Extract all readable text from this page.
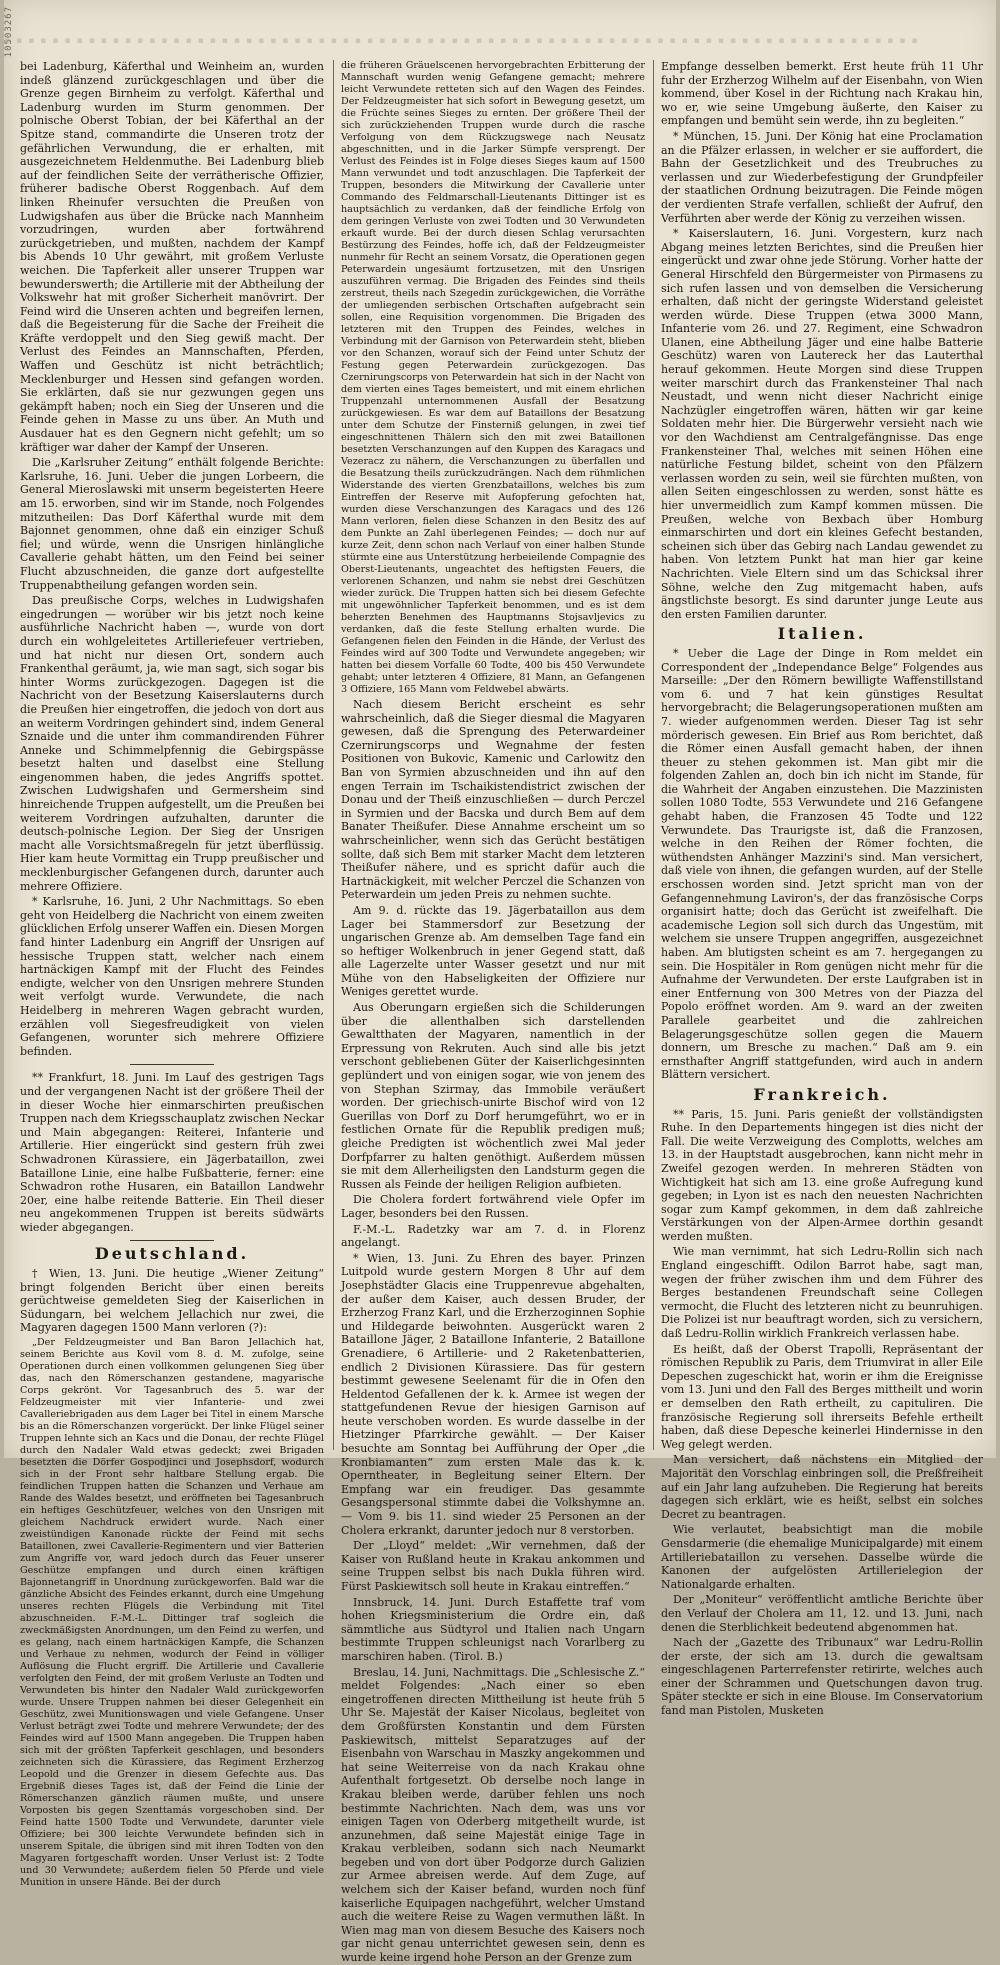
10503267
▪▪▪▪▪▪▪▪▪▪▪▪▪▪▪▪▪▪▪▪▪▪▪▪▪▪▪▪▪▪▪▪▪▪▪▪▪▪▪▪▪▪▪▪▪▪▪▪▪▪▪▪▪▪▪▪▪▪▪▪▪▪▪▪▪▪▪▪▪▪▪▪▪▪▪▪

bei Ladenburg, Käferthal und Weinheim an, wurden indeß glänzend zurückgeschlagen und über die Grenze gegen Birnheim zu verfolgt. Käferthal und Ladenburg wurden im Sturm genommen. Der polnische Oberst Tobian, der bei Käferthal an der Spitze stand, commandirte die Unseren trotz der gefährlichen Verwundung, die er erhalten, mit ausgezeichnetem Heldenmuthe. Bei Ladenburg blieb auf der feindlichen Seite der verrätherische Offizier, früherer badische Oberst Roggenbach. Auf dem linken Rheinufer versuchten die Preußen von Ludwigshafen aus über die Brücke nach Mannheim vorzudringen, wurden aber fortwährend zurückgetrieben, und mußten, nachdem der Kampf bis Abends 10 Uhr gewährt, mit großem Verluste weichen. Die Tapferkeit aller unserer Truppen war bewunderswerth; die Artillerie mit der Abtheilung der Volkswehr hat mit großer Sicherheit manövrirt. Der Feind wird die Unseren achten und begreifen lernen, daß die Begeisterung für die Sache der Freiheit die Kräfte verdoppelt und den Sieg gewiß macht. Der Verlust des Feindes an Mannschaften, Pferden, Waffen und Geschütz ist nicht beträchtlich; Mecklenburger und Hessen sind gefangen worden. Sie erklärten, daß sie nur gezwungen gegen uns gekämpft haben; noch ein Sieg der Unseren und die Feinde gehen in Masse zu uns über. An Muth und Ausdauer hat es den Gegnern nicht gefehlt; um so kräftiger war daher der Kampf der Unseren.

Die „Karlsruher Zeitung“ enthält folgende Berichte: Karlsruhe, 16. Juni. Ueber die jungen Lorbeern, die General Mieroslawski mit unserm begeisterten Heere am 15. erworben, sind wir im Stande, noch Folgendes mitzutheilen: Das Dorf Käferthal wurde mit dem Bajonnet genommen, ohne daß ein einziger Schuß fiel; und würde, wenn die Unsrigen hinlängliche Cavallerie gehabt hätten, um den Feind bei seiner Flucht abzuschneiden, die ganze dort aufgestellte Truppenabtheilung gefangen worden sein.

Das preußische Corps, welches in Ludwigshafen eingedrungen — worüber wir bis jetzt noch keine ausführliche Nachricht haben —, wurde von dort durch ein wohlgeleitetes Artilleriefeuer vertrieben, und hat nicht nur diesen Ort, sondern auch Frankenthal geräumt, ja, wie man sagt, sich sogar bis hinter Worms zurückgezogen. Dagegen ist die Nachricht von der Besetzung Kaiserslauterns durch die Preußen hier eingetroffen, die jedoch von dort aus an weiterm Vordringen gehindert sind, indem General Sznaide und die unter ihm commandirenden Führer Anneke und Schimmelpfennig die Gebirgspässe besetzt halten und daselbst eine Stellung eingenommen haben, die jedes Angriffs spottet. Zwischen Ludwigshafen und Germersheim sind hinreichende Truppen aufgestellt, um die Preußen bei weiterem Vordringen aufzuhalten, darunter die deutsch-polnische Legion. Der Sieg der Unsrigen macht alle Vorsichtsmaßregeln für jetzt überflüssig. Hier kam heute Vormittag ein Trupp preußischer und mecklenburgischer Gefangenen durch, darunter auch mehrere Offiziere.

* Karlsruhe, 16. Juni, 2 Uhr Nachmittags. So eben geht von Heidelberg die Nachricht von einem zweiten glücklichen Erfolg unserer Waffen ein. Diesen Morgen fand hinter Ladenburg ein Angriff der Unsrigen auf hessische Truppen statt, welcher nach einem hartnäckigen Kampf mit der Flucht des Feindes endigte, welcher von den Unsrigen mehrere Stunden weit verfolgt wurde. Verwundete, die nach Heidelberg in mehreren Wagen gebracht wurden, erzählen voll Siegesfreudigkeit von vielen Gefangenen, worunter sich mehrere Offiziere befinden.

** Frankfurt, 18. Juni. Im Lauf des gestrigen Tags und der vergangenen Nacht ist der größere Theil der in dieser Woche hier einmarschirten preußischen Truppen nach dem Kriegsschauplatz zwischen Neckar und Main abgegangen: Reiterei, Infanterie und Artillerie. Hier eingerückt sind gestern früh zwei Schwadronen Kürassiere, ein Jägerbataillon, zwei Bataillone Linie, eine halbe Fußbatterie, ferner: eine Schwadron rothe Husaren, ein Bataillon Landwehr 20er, eine halbe reitende Batterie. Ein Theil dieser neu angekommenen Truppen ist bereits südwärts wieder abgegangen.

Deutschland.

† Wien, 13. Juni. Die heutige „Wiener Zeitung“ bringt folgenden Bericht über einen bereits gerüchtweise gemeldeten Sieg der Kaiserlichen in Südungarn, bei welchem Jellachich nur zwei, die Magyaren dagegen 1500 Mann verloren (?):

„Der Feldzeugmeister und Ban Baron Jellachich hat, seinem Berichte aus Kovil vom 8. d. M. zufolge, seine Operationen durch einen vollkommen gelungenen Sieg über das, nach den Römerschanzen gestandene, magyarische Corps gekrönt. Vor Tagesanbruch des 5. war der Feldzeugmeister mit vier Infanterie- und zwei Cavalleriebrigaden aus dem Lager bei Titel in einem Marsche bis an die Römerschanzen vorgerückt. Der linke Flügel seiner Truppen lehnte sich an Kacs und die Donau, der rechte Flügel durch den Nadaler Wald etwas gedeckt; zwei Brigaden besetzten die Dörfer Gospodjinci und Josephsdorf, wodurch sich in der Front sehr haltbare Stellung ergab. Die feindlichen Truppen hatten die Schanzen und Verhaue am Rande des Waldes besetzt, und eröffneten bei Tagesanbruch ein heftiges Geschützfeuer, welches von den Unsrigen mit gleichem Nachdruck erwidert wurde. Nach einer zweistündigen Kanonade rückte der Feind mit sechs Bataillonen, zwei Cavallerie-Regimentern und vier Batterien zum Angriffe vor, ward jedoch durch das Feuer unserer Geschütze empfangen und durch einen kräftigen Bajonnetangriff in Unordnung zurückgeworfen. Bald war die gänzliche Absicht des Feindes erkannt, durch eine Umgehung unseres rechten Flügels die Verbindung mit Titel abzuschneiden. F.-M.-L. Dittinger traf sogleich die zweckmäßigsten Anordnungen, um den Feind zu werfen, und es gelang, nach einem hartnäckigen Kampfe, die Schanzen und Verhaue zu nehmen, wodurch der Feind in völliger Auflösung die Flucht ergriff. Die Artillerie und Cavallerie verfolgten den Feind, der mit großem Verluste an Todten und Verwundeten bis hinter den Nadaler Wald zurückgeworfen wurde. Unsere Truppen nahmen bei dieser Gelegenheit ein Geschütz, zwei Munitionswagen und viele Gefangene. Unser Verlust beträgt zwei Todte und mehrere Verwundete; der des Feindes wird auf 1500 Mann angegeben. Die Truppen haben sich mit der größten Tapferkeit geschlagen, und besonders zeichneten sich die Kürassiere, das Regiment Erzherzog Leopold und die Grenzer in diesem Gefechte aus. Das Ergebniß dieses Tages ist, daß der Feind die Linie der Römerschanzen gänzlich räumen mußte, und unsere Vorposten bis gegen Szenttamás vorgeschoben sind. Der Feind hatte 1500 Todte und Verwundete, darunter viele Offiziere; bei 300 leichte Verwundete befinden sich in unserem Spitale, die übrigen sind mit ihren Todten von den Magyaren fortgeschafft worden. Unser Verlust ist: 2 Todte und 30 Verwundete; außerdem fielen 50 Pferde und viele Munition in unsere Hände. Bei der durch

die früheren Gräuelscenen hervorgebrachten Erbitterung der Mannschaft wurden wenig Gefangene gemacht; mehrere leicht Verwundete retteten sich auf den Wagen des Feindes. Der Feldzeugmeister hat sich sofort in Bewegung gesetzt, um die Früchte seines Sieges zu ernten. Der größere Theil der sich zurückziehenden Truppen wurde durch die rasche Verfolgung von dem Rückzugswege nach Neusatz abgeschnitten, und in die Jarker Sümpfe versprengt. Der Verlust des Feindes ist in Folge dieses Sieges kaum auf 1500 Mann verwundet und todt anzuschlagen. Die Tapferkeit der Truppen, besonders die Mitwirkung der Cavallerie unter Commando des Feldmarschall-Lieutenants Dittinger ist es hauptsächlich zu verdanken, daß der feindliche Erfolg von dem geringen Verluste von zwei Todten und 30 Verwundeten erkauft wurde. Bei der durch diesen Schlag verursachten Bestürzung des Feindes, hoffe ich, daß der Feldzeugmeister nunmehr für Recht an seinem Vorsatz, die Operationen gegen Peterwardein ungesäumt fortzusetzen, mit den Unsrigen auszuführen vermag. Die Brigaden des Feindes sind theils zerstreut, theils nach Szegedin zurückgewichen, die Vorräthe der umliegenden serbischen Ortschaften aufgebracht sein sollen, eine Requisition vorgenommen. Die Brigaden des letzteren mit den Truppen des Feindes, welches in Verbindung mit der Garnison von Peterwardein steht, blieben vor den Schanzen, worauf sich der Feind unter Schutz der Festung gegen Peterwardein zurückgezogen. Das Czernirungscorps von Peterwardein hat sich in der Nacht von dem vierten eines Tages bemeistert, und mit einem ehrlichen Truppenzahl unternommenen Ausfall der Besatzung zurückgewiesen. Es war dem auf Bataillons der Besatzung unter dem Schutze der Finsterniß gelungen, in zwei tief eingeschnittenen Thälern sich den mit zwei Bataillonen besetzten Verschanzungen auf den Kuppen des Karagacs und Vezeracz zu nähern, die Verschanzungen zu überfallen und die Besatzung theils zurückzudrängen. Nach dem rühmlichen Widerstande des vierten Grenzbataillons, welches bis zum Eintreffen der Reserve mit Aufopferung gefochten hat, wurden diese Verschanzungen des Karagacs und des 126 Mann verloren, fielen diese Schanzen in den Besitz des auf dem Punkte an Zahl überlegenen Feindes; — doch nur auf kurze Zeit, denn schon nach Verlauf von einer halben Stunde stürmte eine aus Unterstützung herbeieilende Compagnie des Oberst-Lieutenants, ungeachtet des heftigsten Feuers, die verlorenen Schanzen, und nahm sie nebst drei Geschützen wieder zurück. Die Truppen hatten sich bei diesem Gefechte mit ungewöhnlicher Tapferkeit benommen, und es ist dem beherzten Benehmen des Hauptmanns Stojsavljevics zu verdanken, daß die feste Stellung erhalten wurde. Die Gefangenen fielen den Feinden in die Hände, der Verlust des Feindes wird auf 300 Todte und Verwundete angegeben; wir hatten bei diesem Vorfalle 60 Todte, 400 bis 450 Verwundete gehabt; unter letzteren 4 Offiziere, 81 Mann, an Gefangenen 3 Offiziere, 165 Mann vom Feldwebel abwärts.

Nach diesem Bericht erscheint es sehr wahrscheinlich, daß die Sieger diesmal die Magyaren gewesen, daß die Sprengung des Peterwardeiner Czernirungscorps und Wegnahme der festen Positionen von Bukovic, Kamenic und Carlowitz den Ban von Syrmien abzuschneiden und ihn auf den engen Terrain im Tschaikistendistrict zwischen der Donau und der Theiß einzuschließen — durch Perczel in Syrmien und der Bacska und durch Bem auf dem Banater Theißufer. Diese Annahme erscheint um so wahrscheinlicher, wenn sich das Gerücht bestätigen sollte, daß sich Bem mit starker Macht dem letzteren Theißufer nähere, und es spricht dafür auch die Hartnäckigkeit, mit welcher Perczel die Schanzen von Peterwardein um jeden Preis zu nehmen suchte.

Am 9. d. rückte das 19. Jägerbataillon aus dem Lager bei Stammersdorf zur Besetzung der ungarischen Grenze ab. Am demselben Tage fand ein so heftiger Wolkenbruch in jener Gegend statt, daß alle Lagerzelte unter Wasser gesetzt und nur mit Mühe von den Habseligkeiten der Offiziere nur Weniges gerettet wurde.

Aus Oberungarn ergießen sich die Schilderungen über die allenthalben sich darstellenden Gewaltthaten der Magyaren, namentlich in der Erpressung von Rekruten. Auch sind alle bis jetzt verschont gebliebenen Güter der Kaiserlichgesinnten geplündert und von einigen sogar, wie von jenem des von Stephan Szirmay, das Immobile veräußert worden. Der griechisch-unirte Bischof wird von 12 Guerillas von Dorf zu Dorf herumgeführt, wo er in festlichen Ornate für die Republik predigen muß; gleiche Predigten ist wöchentlich zwei Mal jeder Dorfpfarrer zu halten genöthigt. Außerdem müssen sie mit dem Allerheiligsten den Landsturm gegen die Russen als Feinde der heiligen Religion aufbieten.

Die Cholera fordert fortwährend viele Opfer im Lager, besonders bei den Russen.

F.-M.-L. Radetzky war am 7. d. in Florenz angelangt.

* Wien, 13. Juni. Zu Ehren des bayer. Prinzen Luitpold wurde gestern Morgen 8 Uhr auf dem Josephstädter Glacis eine Truppenrevue abgehalten, der außer dem Kaiser, auch dessen Bruder, der Erzherzog Franz Karl, und die Erzherzoginnen Sophie und Hildegarde beiwohnten. Ausgerückt waren 2 Bataillone Jäger, 2 Bataillone Infanterie, 2 Bataillone Grenadiere, 6 Artillerie- und 2 Raketenbatterien, endlich 2 Divisionen Kürassiere. Das für gestern bestimmt gewesene Seelenamt für die in Ofen den Heldentod Gefallenen der k. k. Armee ist wegen der stattgefundenen Revue der hiesigen Garnison auf heute verschoben worden. Es wurde dasselbe in der Hietzinger Pfarrkirche gewählt. — Der Kaiser besuchte am Sonntag bei Aufführung der Oper „die Kronbiamanten“ zum ersten Male das k. k. Operntheater, in Begleitung seiner Eltern. Der Empfang war ein freudiger. Das gesammte Gesangspersonal stimmte dabei die Volkshymne an. — Vom 9. bis 11. sind wieder 25 Personen an der Cholera erkrankt, darunter jedoch nur 8 verstorben.

Der „Lloyd“ meldet: „Wir vernehmen, daß der Kaiser von Rußland heute in Krakau ankommen und seine Truppen selbst bis nach Dukla führen wird. Fürst Paskiewitsch soll heute in Krakau eintreffen.“

Innsbruck, 14. Juni. Durch Estaffette traf vom hohen Kriegsministerium die Ordre ein, daß sämmtliche aus Südtyrol und Italien nach Ungarn bestimmte Truppen schleunigst nach Vorarlberg zu marschiren haben. (Tirol. B.)

Breslau, 14. Juni, Nachmittags. Die „Schlesische Z.“ meldet Folgendes: „Nach einer so eben eingetroffenen directen Mittheilung ist heute früh 5 Uhr Se. Majestät der Kaiser Nicolaus, begleitet von dem Großfürsten Konstantin und dem Fürsten Paskiewitsch, mittelst Separatzuges auf der Eisenbahn von Warschau in Maszky angekommen und hat seine Weiterreise von da nach Krakau ohne Aufenthalt fortgesetzt. Ob derselbe noch lange in Krakau bleiben werde, darüber fehlen uns noch bestimmte Nachrichten. Nach dem, was uns vor einigen Tagen von Oderberg mitgetheilt wurde, ist anzunehmen, daß seine Majestät einige Tage in Krakau verbleiben, sodann sich nach Neumarkt begeben und von dort über Podgorze durch Galizien zur Armee abreisen werde. Auf dem Zuge, auf welchem sich der Kaiser befand, wurden noch fünf kaiserliche Equipagen nachgeführt, welcher Umstand auch die weitere Reise zu Wagen vermuthen läßt. In Wien mag man von diesem Besuche des Kaisers noch gar nicht genau unterrichtet gewesen sein, denn es wurde keine irgend hohe Person an der Grenze zum

Empfange desselben bemerkt. Erst heute früh 11 Uhr fuhr der Erzherzog Wilhelm auf der Eisenbahn, von Wien kommend, über Kosel in der Richtung nach Krakau hin, wo er, wie seine Umgebung äußerte, den Kaiser zu empfangen und bemüht sein werde, ihn zu begleiten.“

* München, 15. Juni. Der König hat eine Proclamation an die Pfälzer erlassen, in welcher er sie auffordert, die Bahn der Gesetzlichkeit und des Treubruches zu verlassen und zur Wiederbefestigung der Grundpfeiler der staatlichen Ordnung beizutragen. Die Feinde mögen der verdienten Strafe verfallen, schließt der Aufruf, den Verführten aber werde der König zu verzeihen wissen.

* Kaiserslautern, 16. Juni. Vorgestern, kurz nach Abgang meines letzten Berichtes, sind die Preußen hier eingerückt und zwar ohne jede Störung. Vorher hatte der General Hirschfeld den Bürgermeister von Pirmasens zu sich rufen lassen und von demselben die Versicherung erhalten, daß nicht der geringste Widerstand geleistet werden würde. Diese Truppen (etwa 3000 Mann, Infanterie vom 26. und 27. Regiment, eine Schwadron Ulanen, eine Abtheilung Jäger und eine halbe Batterie Geschütz) waren von Lautereck her das Lauterthal herauf gekommen. Heute Morgen sind diese Truppen weiter marschirt durch das Frankensteiner Thal nach Neustadt, und wenn nicht dieser Nachricht einige Nachzügler eingetroffen wären, hätten wir gar keine Soldaten mehr hier. Die Bürgerwehr versieht nach wie vor den Wachdienst am Centralgefängnisse. Das enge Frankensteiner Thal, welches mit seinen Höhen eine natürliche Festung bildet, scheint von den Pfälzern verlassen worden zu sein, weil sie fürchten mußten, von allen Seiten eingeschlossen zu werden, sonst hätte es hier unvermeidlich zum Kampf kommen müssen. Die Preußen, welche von Bexbach über Homburg einmarschirten und dort ein kleines Gefecht bestanden, scheinen sich über das Gebirg nach Landau gewendet zu haben. Von letztem Punkt hat man hier gar keine Nachrichten. Viele Eltern sind um das Schicksal ihrer Söhne, welche den Zug mitgemacht haben, aufs ängstlichste besorgt. Es sind darunter junge Leute aus den ersten Familien darunter.

Italien.

* Ueber die Lage der Dinge in Rom meldet ein Correspondent der „Independance Belge“ Folgendes aus Marseille: „Der den Römern bewilligte Waffenstillstand vom 6. und 7 hat kein günstiges Resultat hervorgebracht; die Belagerungsoperationen mußten am 7. wieder aufgenommen werden. Dieser Tag ist sehr mörderisch gewesen. Ein Brief aus Rom berichtet, daß die Römer einen Ausfall gemacht haben, der ihnen theuer zu stehen gekommen ist. Man gibt mir die folgenden Zahlen an, doch bin ich nicht im Stande, für die Wahrheit der Angaben einzustehen. Die Mazzinisten sollen 1080 Todte, 553 Verwundete und 216 Gefangene gehabt haben, die Franzosen 45 Todte und 122 Verwundete. Das Traurigste ist, daß die Franzosen, welche in den Reihen der Römer fochten, die wüthendsten Anhänger Mazzini's sind. Man versichert, daß viele von ihnen, die gefangen wurden, auf der Stelle erschossen worden sind. Jetzt spricht man von der Gefangennehmung Laviron's, der das französische Corps organisirt hatte; doch das Gerücht ist zweifelhaft. Die academische Legion soll sich durch das Ungestüm, mit welchem sie unsere Truppen angegriffen, ausgezeichnet haben. Am blutigsten scheint es am 7. hergegangen zu sein. Die Hospitäler in Rom genügen nicht mehr für die Aufnahme der Verwundeten. Der erste Laufgraben ist in einer Entfernung von 300 Metres von der Piazza del Popolo eröffnet worden. Am 9. ward an der zweiten Parallele gearbeitet und die zahlreichen Belagerungsgeschütze sollen gegen die Mauern donnern, um Bresche zu machen.“ Daß am 9. ein ernsthafter Angriff stattgefunden, wird auch in andern Blättern versichert.

Frankreich.

** Paris, 15. Juni. Paris genießt der vollständigsten Ruhe. In den Departements hingegen ist dies nicht der Fall. Die weite Verzweigung des Complotts, welches am 13. in der Hauptstadt ausgebrochen, kann nicht mehr in Zweifel gezogen werden. In mehreren Städten von Wichtigkeit hat sich am 13. eine große Aufregung kund gegeben; in Lyon ist es nach den neuesten Nachrichten sogar zum Kampf gekommen, in dem daß zahlreiche Verstärkungen von der Alpen-Armee dorthin gesandt werden mußten.

Wie man vernimmt, hat sich Ledru-Rollin sich nach England eingeschifft. Odilon Barrot habe, sagt man, wegen der früher zwischen ihm und dem Führer des Berges bestandenen Freundschaft seine Collegen vermocht, die Flucht des letzteren nicht zu beunruhigen. Die Polizei ist nur beauftragt worden, sich zu versichern, daß Ledru-Rollin wirklich Frankreich verlassen habe.

Es heißt, daß der Oberst Trapolli, Repräsentant der römischen Republik zu Paris, dem Triumvirat in aller Eile Depeschen zugeschickt hat, worin er ihm die Ereignisse vom 13. Juni und den Fall des Berges mittheilt und worin er demselben den Rath ertheilt, zu capituliren. Die französische Regierung soll ihrerseits Befehle ertheilt haben, daß diese Depesche keinerlei Hindernisse in den Weg gelegt werden.

Man versichert, daß nächstens ein Mitglied der Majorität den Vorschlag einbringen soll, die Preßfreiheit auf ein Jahr lang aufzuheben. Die Regierung hat bereits dagegen sich erklärt, wie es heißt, selbst ein solches Decret zu beantragen.

Wie verlautet, beabsichtigt man die mobile Gensdarmerie (die ehemalige Municipalgarde) mit einem Artilleriebataillon zu versehen. Dasselbe würde die Kanonen der aufgelösten Artillerielegion der Nationalgarde erhalten.

Der „Moniteur“ veröffentlicht amtliche Berichte über den Verlauf der Cholera am 11, 12. und 13. Juni, nach denen die Sterblichkeit bedeutend abgenommen hat.

Nach der „Gazette des Tribunaux“ war Ledru-Rollin der erste, der sich am 13. durch die gewaltsam eingeschlagenen Parterrefenster retirirte, welches auch einer der Schrammen und Quetschungen davon trug. Später steckte er sich in eine Blouse. Im Conservatorium fand man Pistolen, Musketen
